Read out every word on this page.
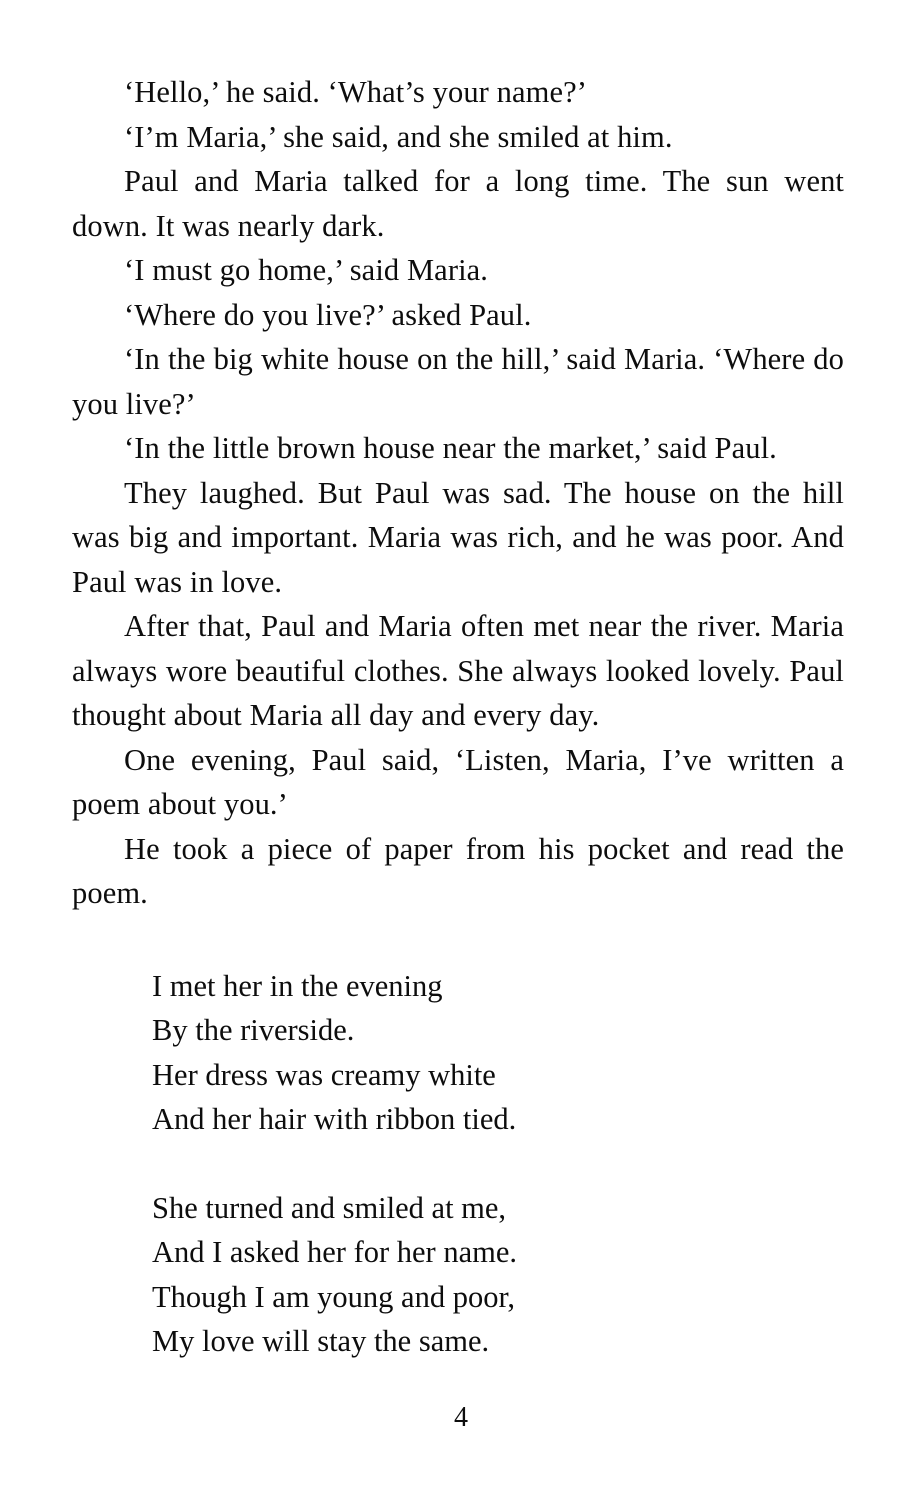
‘Hello,’ he said. ‘What’s your name?’

‘I’m Maria,’ she said, and she smiled at him.

Paul and Maria talked for a long time. The sun went down. It was nearly dark.

‘I must go home,’ said Maria.

‘Where do you live?’ asked Paul.

‘In the big white house on the hill,’ said Maria. ‘Where do you live?’

‘In the little brown house near the market,’ said Paul.

They laughed. But Paul was sad. The house on the hill was big and important. Maria was rich, and he was poor. And Paul was in love.

After that, Paul and Maria often met near the river. Maria always wore beautiful clothes. She always looked lovely. Paul thought about Maria all day and every day.

One evening, Paul said, ‘Listen, Maria, I’ve written a poem about you.’

He took a piece of paper from his pocket and read the poem.

I met her in the evening
By the riverside.
Her dress was creamy white
And her hair with ribbon tied.
She turned and smiled at me,
And I asked her for her name.
Though I am young and poor,
My love will stay the same.
4
